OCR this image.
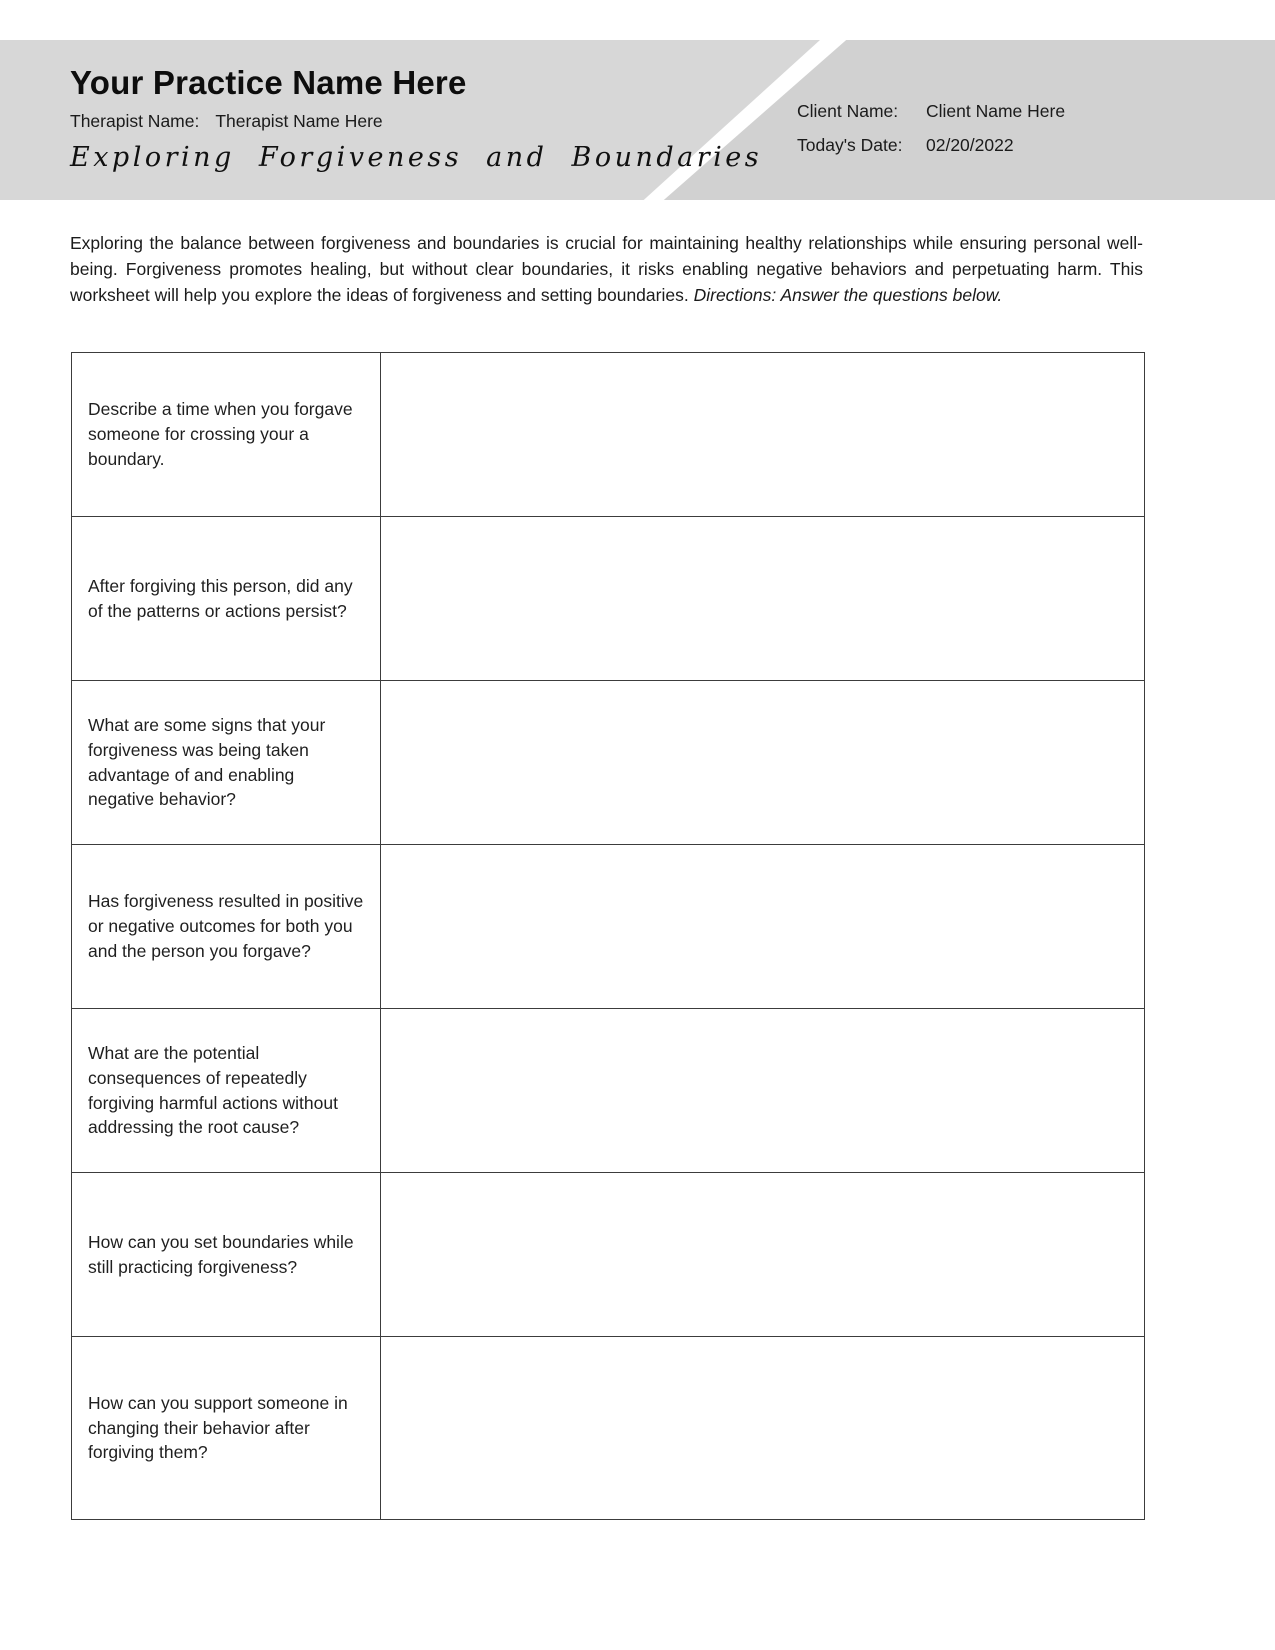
Your Practice Name Here
Therapist Name: Therapist Name Here
Exploring Forgiveness and Boundaries
Client Name:	Client Name Here
Today's Date:	02/20/2022

Exploring the balance between forgiveness and boundaries is crucial for maintaining healthy relationships while ensuring personal well-being. Forgiveness promotes healing, but without clear boundaries, it risks enabling negative behaviors and perpetuating harm. This worksheet will help you explore the ideas of forgiveness and setting boundaries. Directions: Answer the questions below.

Describe a time when you forgave someone for crossing your a boundary.	
After forgiving this person, did any of the patterns or actions persist?	
What are some signs that your forgiveness was being taken advantage of and enabling negative behavior?	
Has forgiveness resulted in positive or negative outcomes for both you and the person you forgave?	
What are the potential consequences of repeatedly forgiving harmful actions without addressing the root cause?	
How can you set boundaries while still practicing forgiveness?	
How can you support someone in changing their behavior after forgiving them?	
